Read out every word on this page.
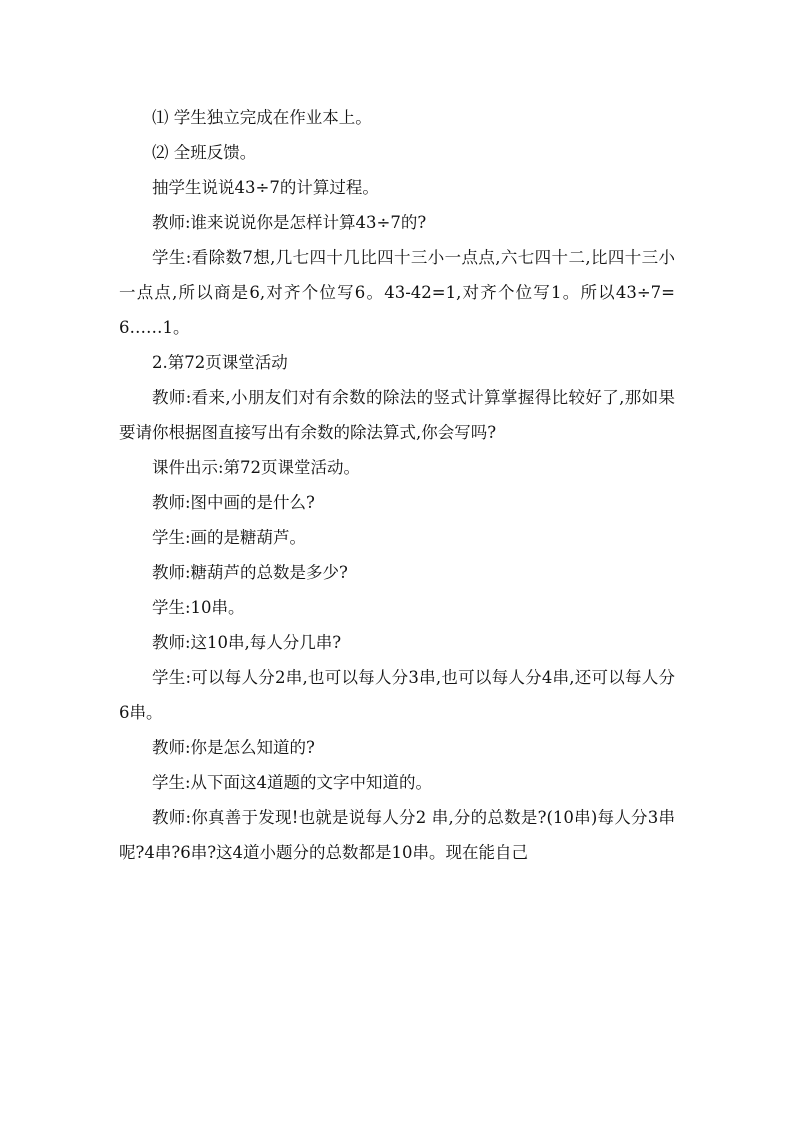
⑴ 学生独立完成在作业本上。

⑵ 全班反馈。

抽学生说说43÷7的计算过程。

教师:谁来说说你是怎样计算43÷7的?

学生:看除数7想,几七四十几比四十三小一点点,六七四十二,比四十三小一点点,所以商是6,对齐个位写6。43-42=1,对齐个位写1。所以43÷7=6……1。

2.第72页课堂活动

教师:看来,小朋友们对有余数的除法的竖式计算掌握得比较好了,那如果要请你根据图直接写出有余数的除法算式,你会写吗?

课件出示:第72页课堂活动。

教师:图中画的是什么?

学生:画的是糖葫芦。

教师:糖葫芦的总数是多少?

学生:10串。

教师:这10串,每人分几串?

学生:可以每人分2串,也可以每人分3串,也可以每人分4串,还可以每人分6串。

教师:你是怎么知道的?

学生:从下面这4道题的文字中知道的。

教师:你真善于发现!也就是说每人分2 串,分的总数是?(10串)每人分3串呢?4串?6串?这4道小题分的总数都是10串。现在能自己
